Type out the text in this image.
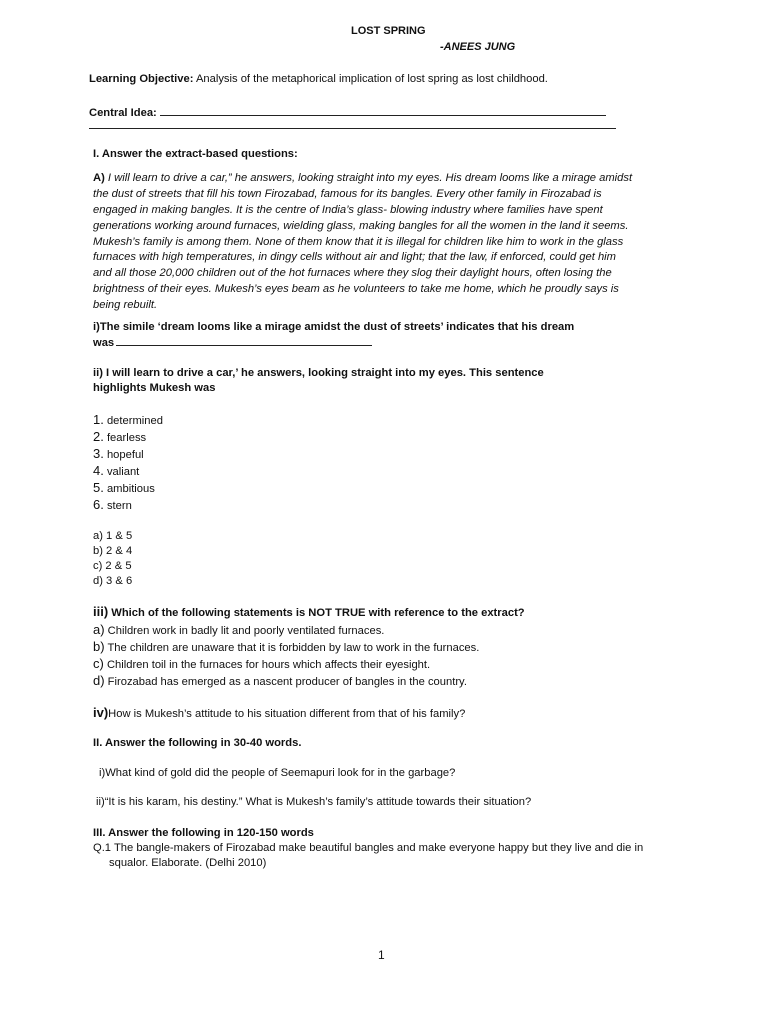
LOST SPRING
-ANEES JUNG
Learning Objective: Analysis of the metaphorical implication of lost spring as lost childhood.
Central Idea:
I. Answer the extract-based questions:
A) I will learn to drive a car,” he answers, looking straight into my eyes. His dream looms like a mirage amidst
the dust of streets that fill his town Firozabad, famous for its bangles. Every other family in Firozabad is
engaged in making bangles. It is the centre of India’s glass- blowing industry where families have spent
generations working around furnaces, wielding glass, making bangles for all the women in the land it seems.
Mukesh’s family is among them. None of them know that it is illegal for children like him to work in the glass
furnaces with high temperatures, in dingy cells without air and light; that the law, if enforced, could get him
and all those 20,000 children out of the hot furnaces where they slog their daylight hours, often losing the
brightness of their eyes. Mukesh’s eyes beam as he volunteers to take me home, which he proudly says is
being rebuilt.
i)The simile ‘dream looms like a mirage amidst the dust of streets’ indicates that his dream
was
ii) I will learn to drive a car,’ he answers, looking straight into my eyes. This sentence
highlights Mukesh was
1. determined
2. fearless
3. hopeful
4. valiant
5. ambitious
6. stern
a) 1 & 5
b) 2 & 4
c) 2 & 5
d) 3 & 6
iii) Which of the following statements is NOT TRUE with reference to the extract?
a) Children work in badly lit and poorly ventilated furnaces.
b) The children are unaware that it is forbidden by law to work in the furnaces.
c) Children toil in the furnaces for hours which affects their eyesight.
d) Firozabad has emerged as a nascent producer of bangles in the country.
iv)How is Mukesh’s attitude to his situation different from that of his family?
II. Answer the following in 30-40 words.
i)What kind of gold did the people of Seemapuri look for in the garbage?
ii)“It is his karam, his destiny.” What is Mukesh’s family’s attitude towards their situation?
III. Answer the following in 120-150 words
Q.1 The bangle-makers of Firozabad make beautiful bangles and make everyone happy but they live and die in
squalor. Elaborate. (Delhi 2010)
1
